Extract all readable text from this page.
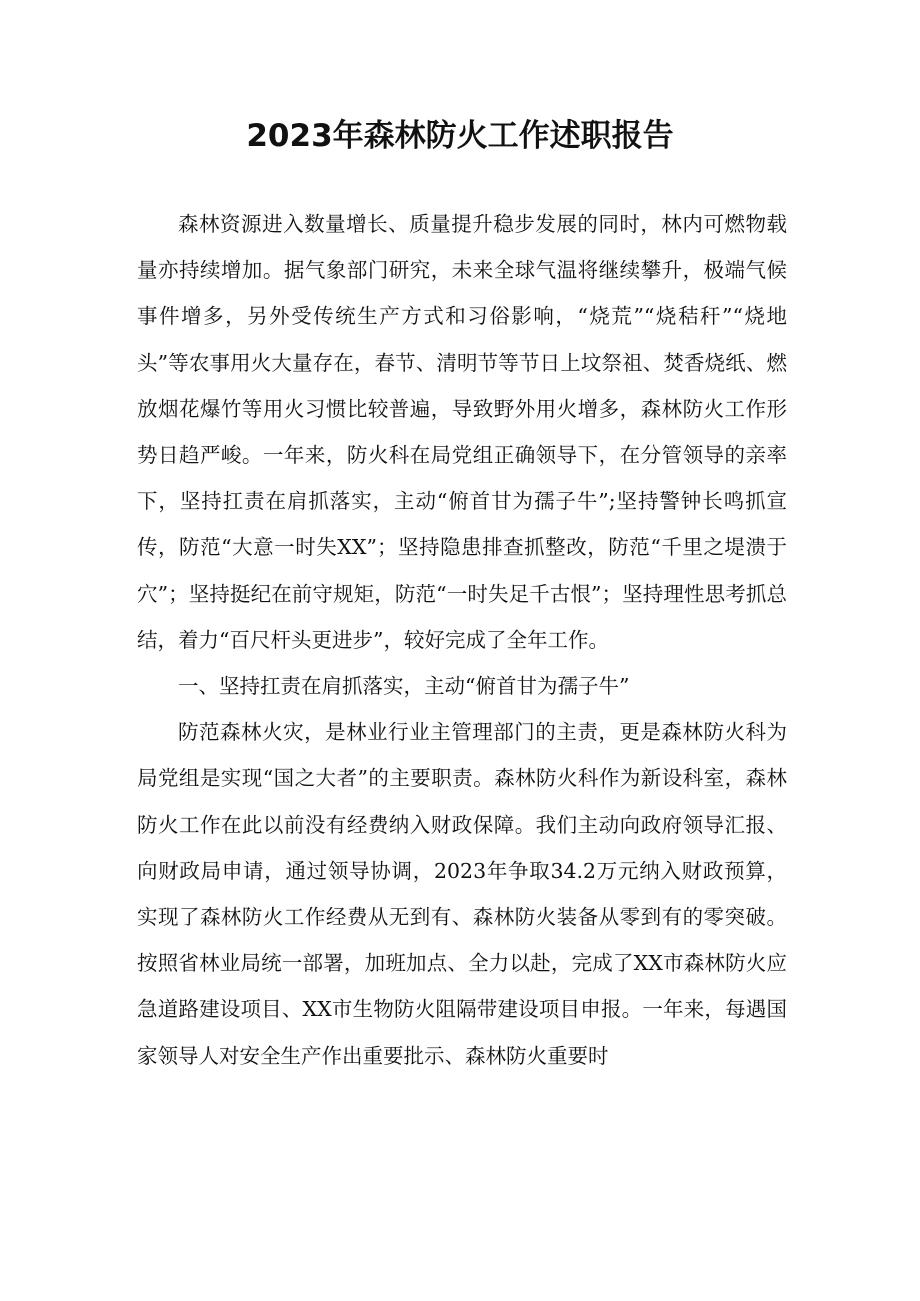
2023年森林防火工作述职报告

森林资源进入数量增长、质量提升稳步发展的同时，林内可燃物载量亦持续增加。据气象部门研究，未来全球气温将继续攀升，极端气候事件增多，另外受传统生产方式和习俗影响，“烧荒”“烧秸秆”“烧地头”等农事用火大量存在，春节、清明节等节日上坟祭祖、焚香烧纸、燃放烟花爆竹等用火习惯比较普遍，导致野外用火增多，森林防火工作形势日趋严峻。一年来，防火科在局党组正确领导下，在分管领导的亲率下，坚持扛责在肩抓落实，主动“俯首甘为孺子牛”;坚持警钟长鸣抓宣传，防范“大意一时失XX”；坚持隐患排查抓整改，防范“千里之堤溃于穴”；坚持挺纪在前守规矩，防范“一时失足千古恨”；坚持理性思考抓总结，着力“百尺杆头更进步”，较好完成了全年工作。

一、坚持扛责在肩抓落实，主动“俯首甘为孺子牛”

防范森林火灾，是林业行业主管理部门的主责，更是森林防火科为局党组是实现“国之大者”的主要职责。森林防火科作为新设科室，森林防火工作在此以前没有经费纳入财政保障。我们主动向政府领导汇报、向财政局申请，通过领导协调，2023年争取34.2万元纳入财政预算，实现了森林防火工作经费从无到有、森林防火装备从零到有的零突破。按照省林业局统一部署，加班加点、全力以赴，完成了XX市森林防火应急道路建设项目、XX市生物防火阻隔带建设项目申报。一年来，每遇国家领导人对安全生产作出重要批示、森林防火重要时
